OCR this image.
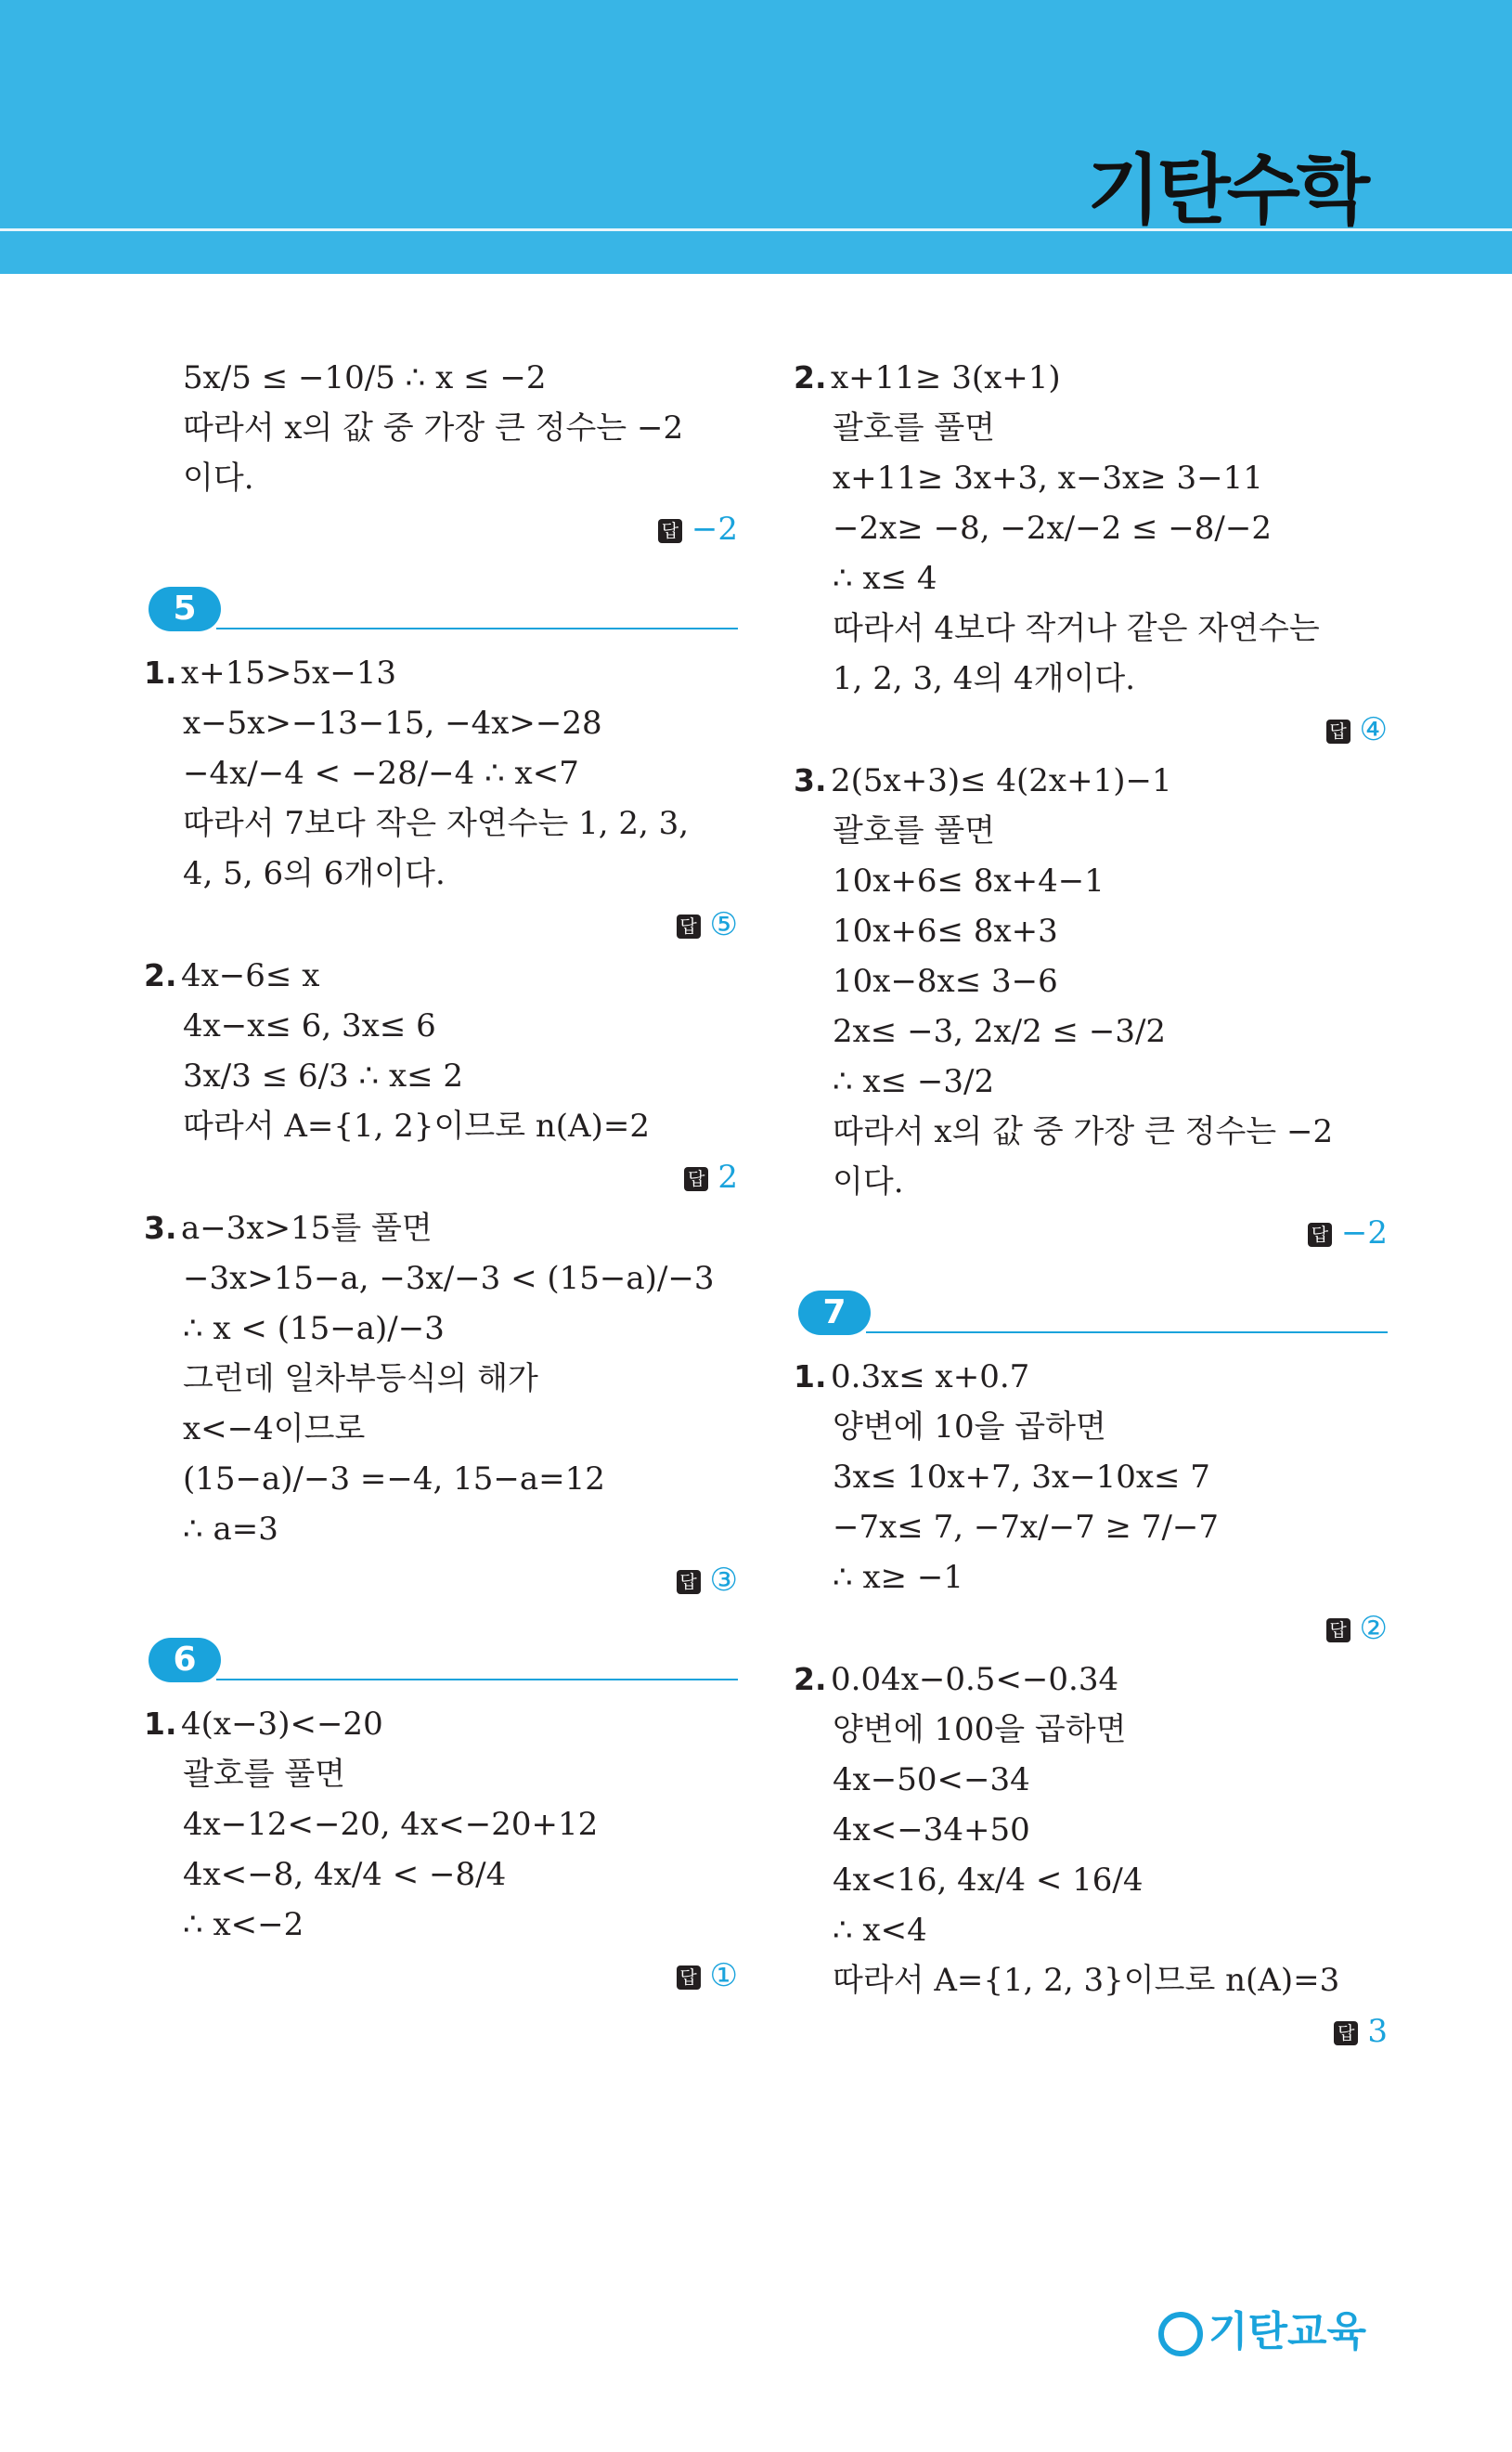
기탄수학
5x/5 ≤ −10/5 ∴ x ≤ −2
따라서 x의 값 중 가장 큰 정수는 −2
이다.
답 −2
5
1. x+15>5x−13
x−5x>−13−15, −4x>−28
−4x/−4 < −28/−4 ∴ x<7
따라서 7보다 작은 자연수는 1, 2, 3,
4, 5, 6의 6개이다.
답 ⑤
2. 4x−6≤ x
4x−x≤ 6, 3x≤ 6
3x/3 ≤ 6/3 ∴ x≤ 2
따라서 A={1, 2}이므로 n(A)=2
답 2
3. a−3x>15를 풀면
−3x>15−a, −3x/−3 < (15−a)/−3
∴ x < (15−a)/−3
그런데 일차부등식의 해가
x<−4이므로
(15−a)/−3 =−4, 15−a=12
∴ a=3
답 ③
6
1. 4(x−3)<−20
괄호를 풀면
4x−12<−20, 4x<−20+12
4x<−8, 4x/4 < −8/4
∴ x<−2
답 ①
2. x+11≥ 3(x+1)
괄호를 풀면
x+11≥ 3x+3, x−3x≥ 3−11
−2x≥ −8, −2x/−2 ≤ −8/−2
∴ x≤ 4
따라서 4보다 작거나 같은 자연수는
1, 2, 3, 4의 4개이다.
답 ④
3. 2(5x+3)≤ 4(2x+1)−1
괄호를 풀면
10x+6≤ 8x+4−1
10x+6≤ 8x+3
10x−8x≤ 3−6
2x≤ −3, 2x/2 ≤ −3/2
∴ x≤ −3/2
따라서 x의 값 중 가장 큰 정수는 −2
이다.
답 −2
7
1. 0.3x≤ x+0.7
양변에 10을 곱하면
3x≤ 10x+7, 3x−10x≤ 7
−7x≤ 7, −7x/−7 ≥ 7/−7
∴ x≥ −1
답 ②
2. 0.04x−0.5<−0.34
양변에 100을 곱하면
4x−50<−34
4x<−34+50
4x<16, 4x/4 < 16/4
∴ x<4
따라서 A={1, 2, 3}이므로 n(A)=3
답 3
기탄교육
